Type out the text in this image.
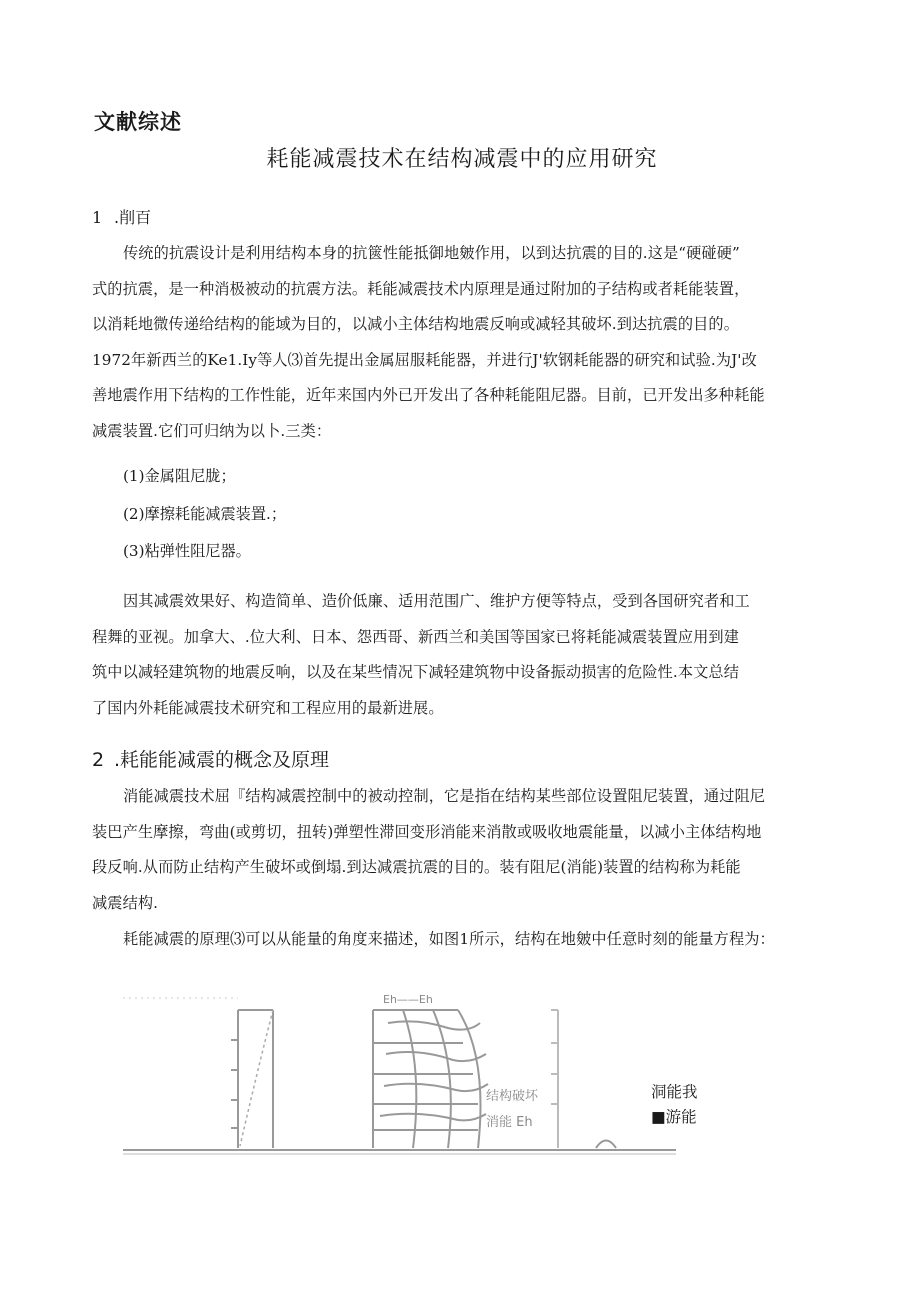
文献综述
耗能减震技术在结构减震中的应用研究
1 .削百
传统的抗震设计是利用结构本身的抗篋性能抵御地皴作用，以到达抗震的目的.这是“硬碰硬”
式的抗震，是一种消极被动的抗震方法。耗能减震技术内原理是通过附加的子结构或者耗能装置，
以消耗地微传递给结构的能域为目的，以减小主体结构地震反响或减轻其破坏.到达抗震的目的。
1972年新西兰的Ke1.Iy等人⑶首先提出金属屈服耗能器，并进行J'软钢耗能器的研究和试验.为J'改
善地震作用下结构的工作性能，近年来国内外已开发出了各种耗能阻尼器。目前，已开发出多种耗能
减震装置.它们可归纳为以卜.三类：
(1)金属阻尼胧；
(2)摩擦耗能减震装置.；
(3)粘弹性阻尼器。
因其减震效果好、构造简单、造价低廉、适用范围广、维护方便等特点，受到各国研究者和工
程舞的亚视。加拿大、.位大利、日本、怨西哥、新西兰和美国等国家已将耗能减震装置应用到建
筑中以减轻建筑物的地震反响，以及在某些情况下减轻建筑物中设备振动损害的危险性.本文总结
了国内外耗能减震技术研究和工程应用的最新进展。
2 .耗能能减震的概念及原理
消能减震技术屈『结构减震控制中的被动控制，它是指在结构某些部位设置阻尼装置，通过阻尼
装巴产生摩擦，弯曲(或剪切，扭转)弹塑性滞回变形消能来消散或吸收地震能量，以减小主体结构地
段反响.从而防止结构产生破坏或倒塌.到达减震抗震的目的。装有阻尼(消能)装置的结构称为耗能
减震结构.
耗能减震的原理⑶可以从能量的角度来描述，如图1所示，结构在地皴中任意时刻的能量方程为：
Eh——Eh
结构破坏
消能 Eh
洞能我
■游能
